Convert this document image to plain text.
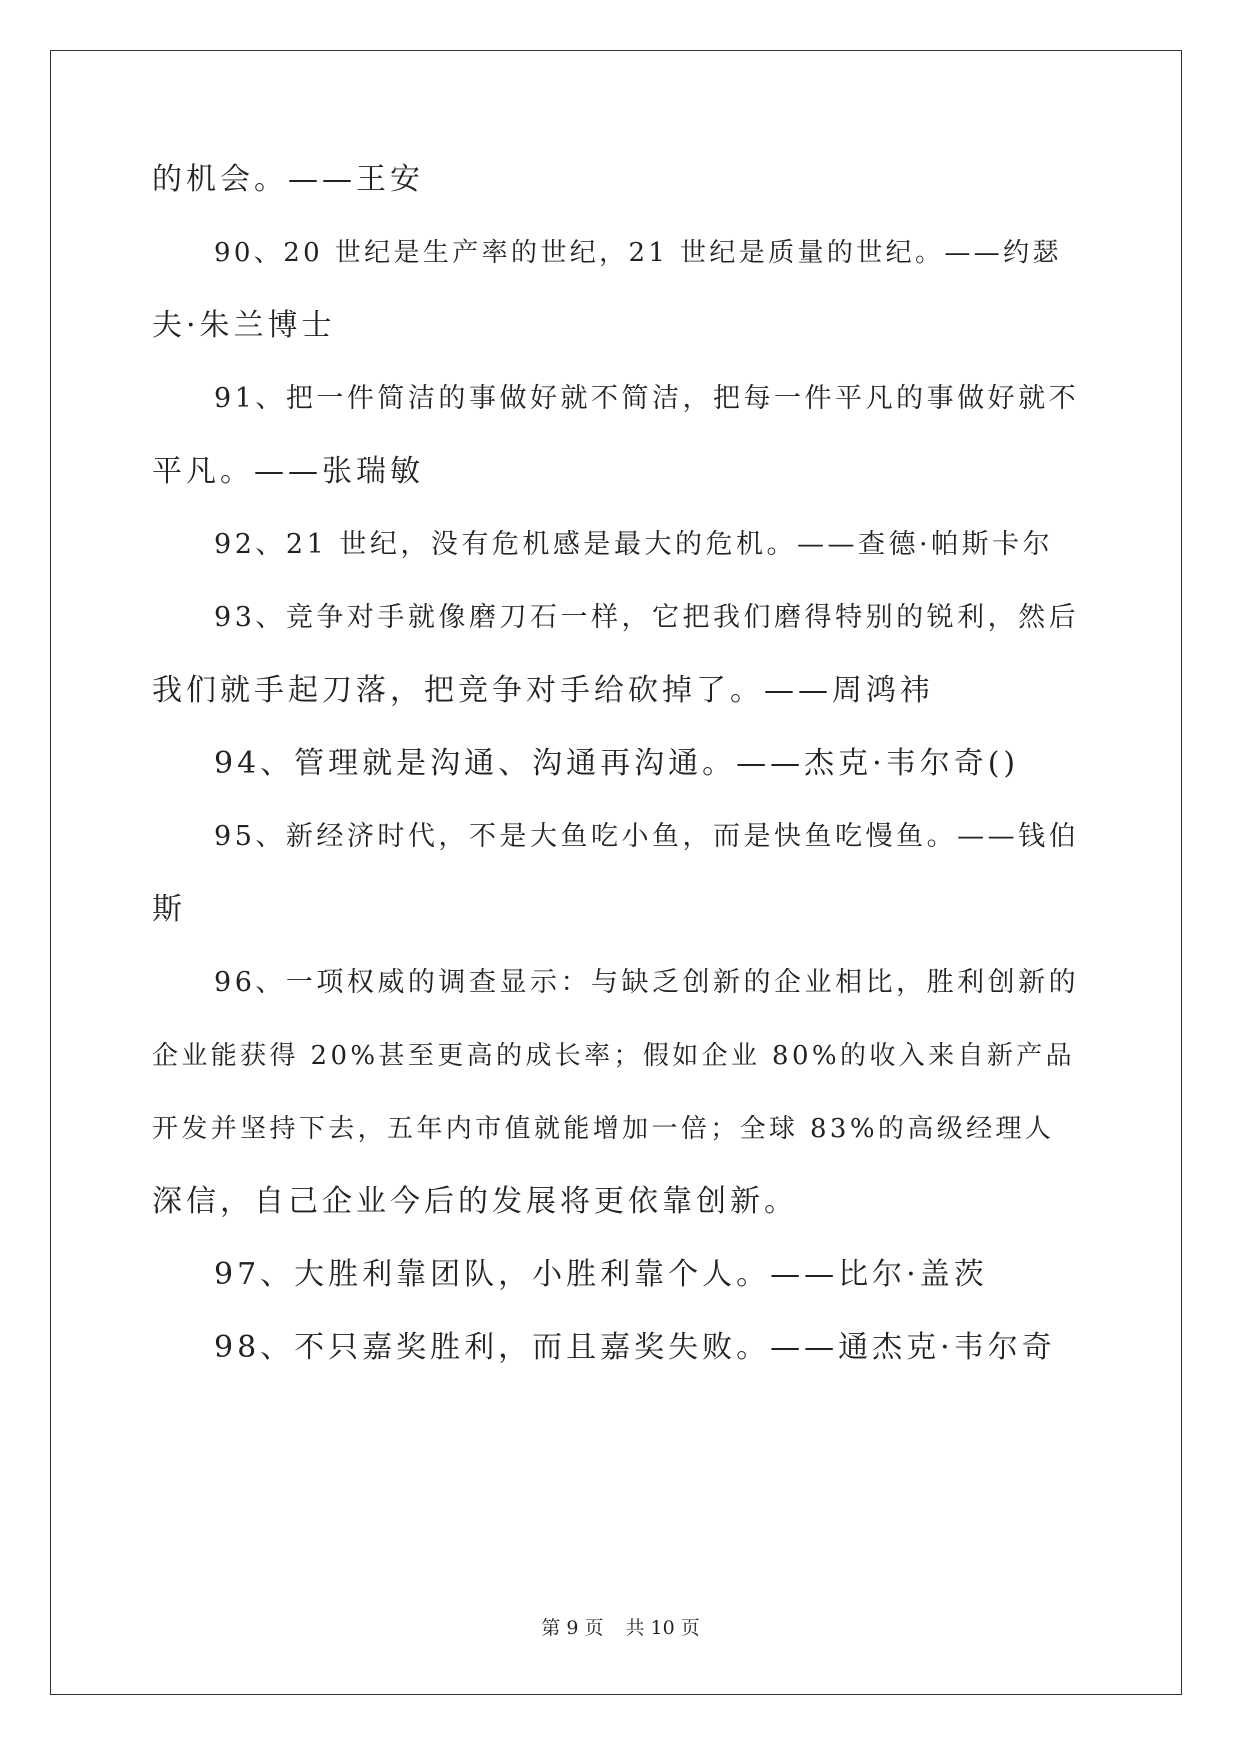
的机会。——王安
90、20 世纪是生产率的世纪，21 世纪是质量的世纪。——约瑟
夫·朱兰博士
91、把一件简洁的事做好就不简洁，把每一件平凡的事做好就不
平凡。——张瑞敏
92、21 世纪，没有危机感是最大的危机。——查德·帕斯卡尔
93、竞争对手就像磨刀石一样，它把我们磨得特别的锐利，然后
我们就手起刀落，把竞争对手给砍掉了。——周鸿祎
94、管理就是沟通、沟通再沟通。——杰克·韦尔奇()
95、新经济时代，不是大鱼吃小鱼，而是快鱼吃慢鱼。——钱伯
斯
96、一项权威的调查显示：与缺乏创新的企业相比，胜利创新的
企业能获得 20%甚至更高的成长率；假如企业 80%的收入来自新产品
开发并坚持下去，五年内市值就能增加一倍；全球 83%的高级经理人
深信，自己企业今后的发展将更依靠创新。
97、大胜利靠团队，小胜利靠个人。——比尔·盖茨
98、不只嘉奖胜利，而且嘉奖失败。——通杰克·韦尔奇
第 9 页 共 10 页
